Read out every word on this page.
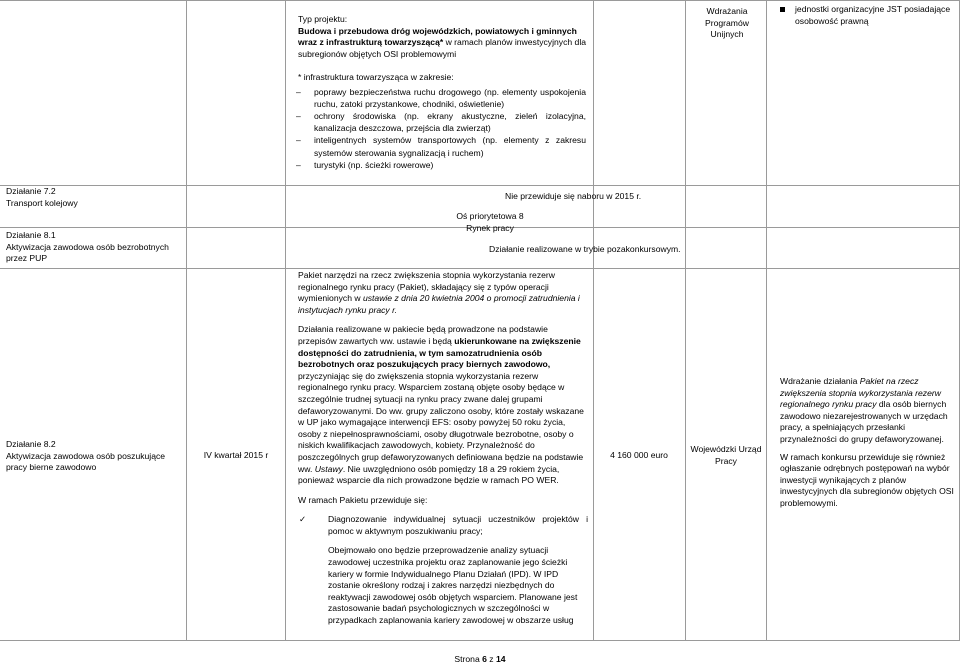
Typ projektu:

Budowa i przebudowa dróg wojewódzkich, powiatowych i gminnych wraz z infrastrukturą towarzyszącą* w ramach planów inwestycyjnych dla subregionów objętych OSI problemowymi

Wdrażania Programów Unijnych

jednostki organizacyjne JST posiadające osobowość prawną

* infrastruktura towarzysząca w zakresie:

– poprawy bezpieczeństwa ruchu drogowego (np. elementy uspokojenia ruchu, zatoki przystankowe, chodniki, oświetlenie)
– ochrony środowiska (np. ekrany akustyczne, zieleń izolacyjna, kanalizacja deszczowa, przejścia dla zwierząt)
– inteligentnych systemów transportowych (np. elementy z zakresu systemów sterowania sygnalizacją i ruchem)
– turystyki (np. ścieżki rowerowe)

Działanie 7.2

Transport kolejowy

Nie przewiduje się naboru w 2015 r.

Oś priorytetowa 8

Rynek pracy

Działanie 8.1

Aktywizacja zawodowa osób bezrobotnych przez PUP

Działanie realizowane w trybie pozakonkursowym.

Działanie 8.2

Aktywizacja zawodowa osób poszukujące pracy bierne zawodowo

IV kwartał 2015 r

Pakiet narzędzi na rzecz zwiększenia stopnia wykorzystania rezerw regionalnego rynku pracy (Pakiet), składający się z typów operacji wymienionych w ustawie z dnia 20 kwietnia 2004 o promocji zatrudnienia i instytucjach rynku pracy r.

Działania realizowane w pakiecie będą prowadzone na podstawie przepisów zawartych ww. ustawie i będą ukierunkowane na zwiększenie dostępności do zatrudnienia, w tym samozatrudnienia osób bezrobotnych oraz poszukujących pracy biernych zawodowo, przyczyniając się do zwiększenia stopnia wykorzystania rezerw regionalnego rynku pracy. Wsparciem zostaną objęte osoby będące w szczególnie trudnej sytuacji na rynku pracy zwane dalej grupami defaworyzowanymi. Do ww. grupy zaliczono osoby, które zostały wskazane w UP jako wymagające interwencji EFS: osoby powyżej 50 roku życia, osoby z niepełnosprawnościami, osoby długotrwale bezrobotne, osoby o niskich kwalifikacjach zawodowych, kobiety. Przynależność do poszczególnych grup defaworyzowanych definiowana będzie na podstawie ww. Ustawy. Nie uwzględniono osób pomiędzy 18 a 29 rokiem życia, ponieważ wsparcie dla nich prowadzone będzie w ramach PO WER.

W ramach Pakietu przewiduje się:

✓	Diagnozowanie indywidualnej sytuacji uczestników projektów i pomoc w aktywnym poszukiwaniu pracy;

Obejmowało ono będzie przeprowadzenie analizy sytuacji zawodowej uczestnika projektu oraz zaplanowanie jego ścieżki kariery w formie Indywidualnego Planu Działań (IPD). W IPD zostanie określony rodzaj i zakres narzędzi niezbędnych do reaktywacji zawodowej osób objętych wsparciem. Planowane jest zastosowanie badań psychologicznych w szczególności w przypadkach zaplanowania kariery zawodowej w obszarze usług

4 160 000 euro

Wojewódzki Urząd Pracy

Wdrażanie działania Pakiet na rzecz zwiększenia stopnia wykorzystania rezerw regionalnego rynku pracy dla osób biernych zawodowo niezarejestrowanych w urzędach pracy, a spełniających przesłanki przynależności do grupy defaworyzowanej.

W ramach konkursu przewiduje się również ogłaszanie odrębnych postępowań na wybór inwestycji wynikających z planów inwestycyjnych dla subregionów objętych OSI problemowymi.

Strona 6 z 14
